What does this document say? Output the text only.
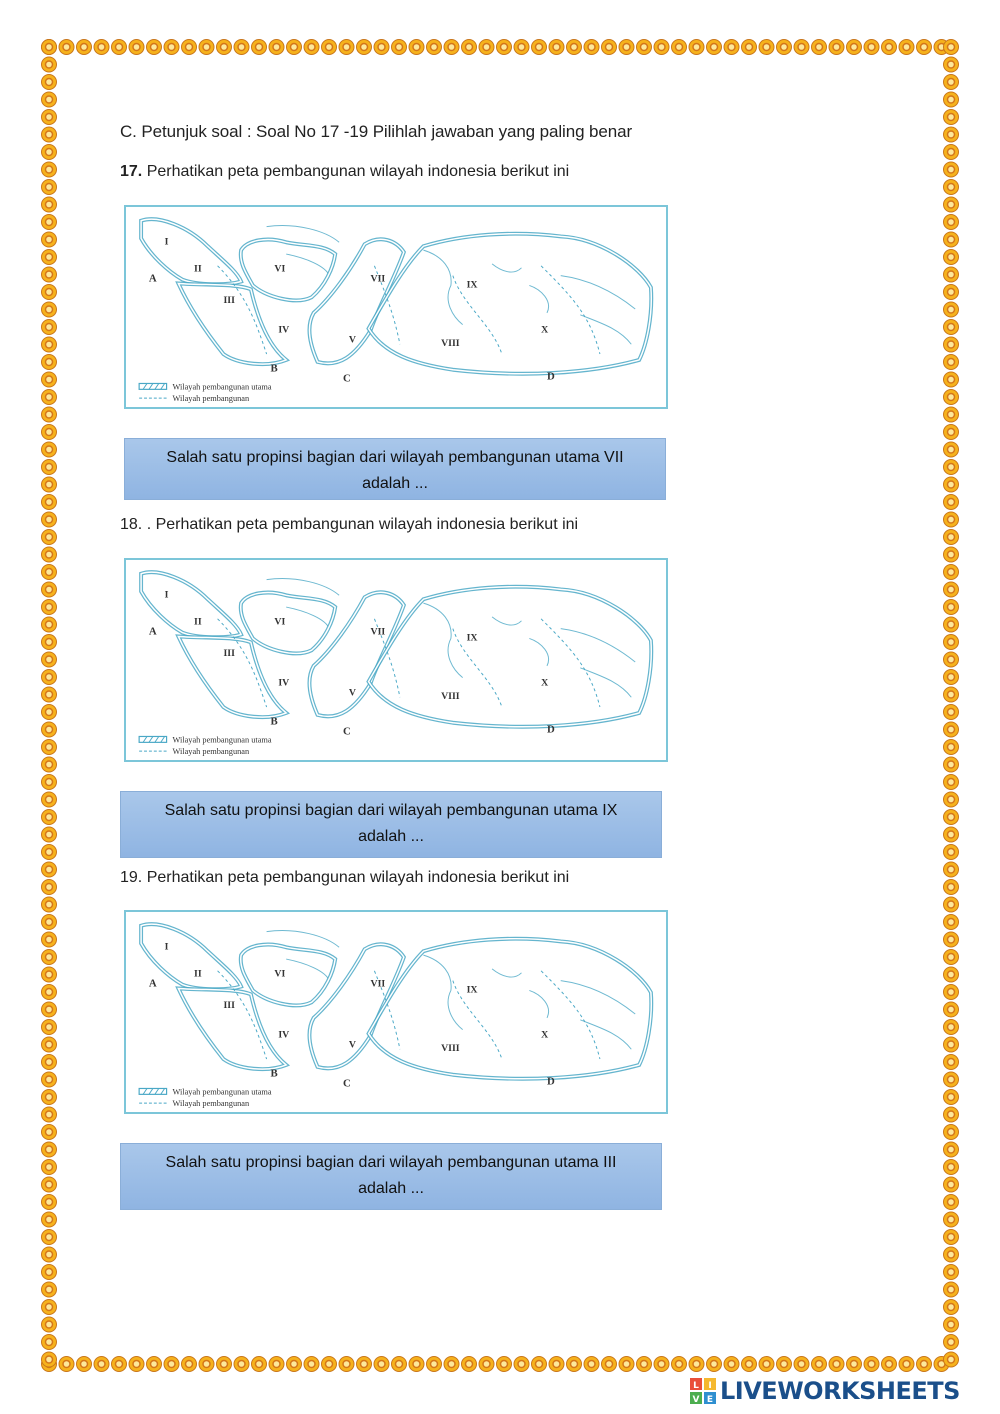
C. Petunjuk soal : Soal No 17 -19 Pilihlah jawaban yang paling benar
17. Perhatikan peta pembangunan wilayah indonesia berikut ini
I
II
III
IV
V
VI
VII
VIII
IX
X
A
B
C	D
Wilayah pembangunan utama
Wilayah pembangunan
Salah satu propinsi bagian dari wilayah pembangunan utama VII
adalah ...
18. . Perhatikan peta pembangunan wilayah indonesia berikut ini
I
II
III
IV
V
VI
VII
VIII
IX
X
A
B
C	D
Wilayah pembangunan utama
Wilayah pembangunan
Salah satu propinsi bagian dari wilayah pembangunan utama IX
adalah ...
19. Perhatikan peta pembangunan wilayah indonesia berikut ini
I
II
III
IV
V
VI
VII
VIII
IX
X
A
B
C	D
Wilayah pembangunan utama
Wilayah pembangunan
Salah satu propinsi bagian dari wilayah pembangunan utama III
adalah ...
L I
V E LIVEWORKSHEETS
